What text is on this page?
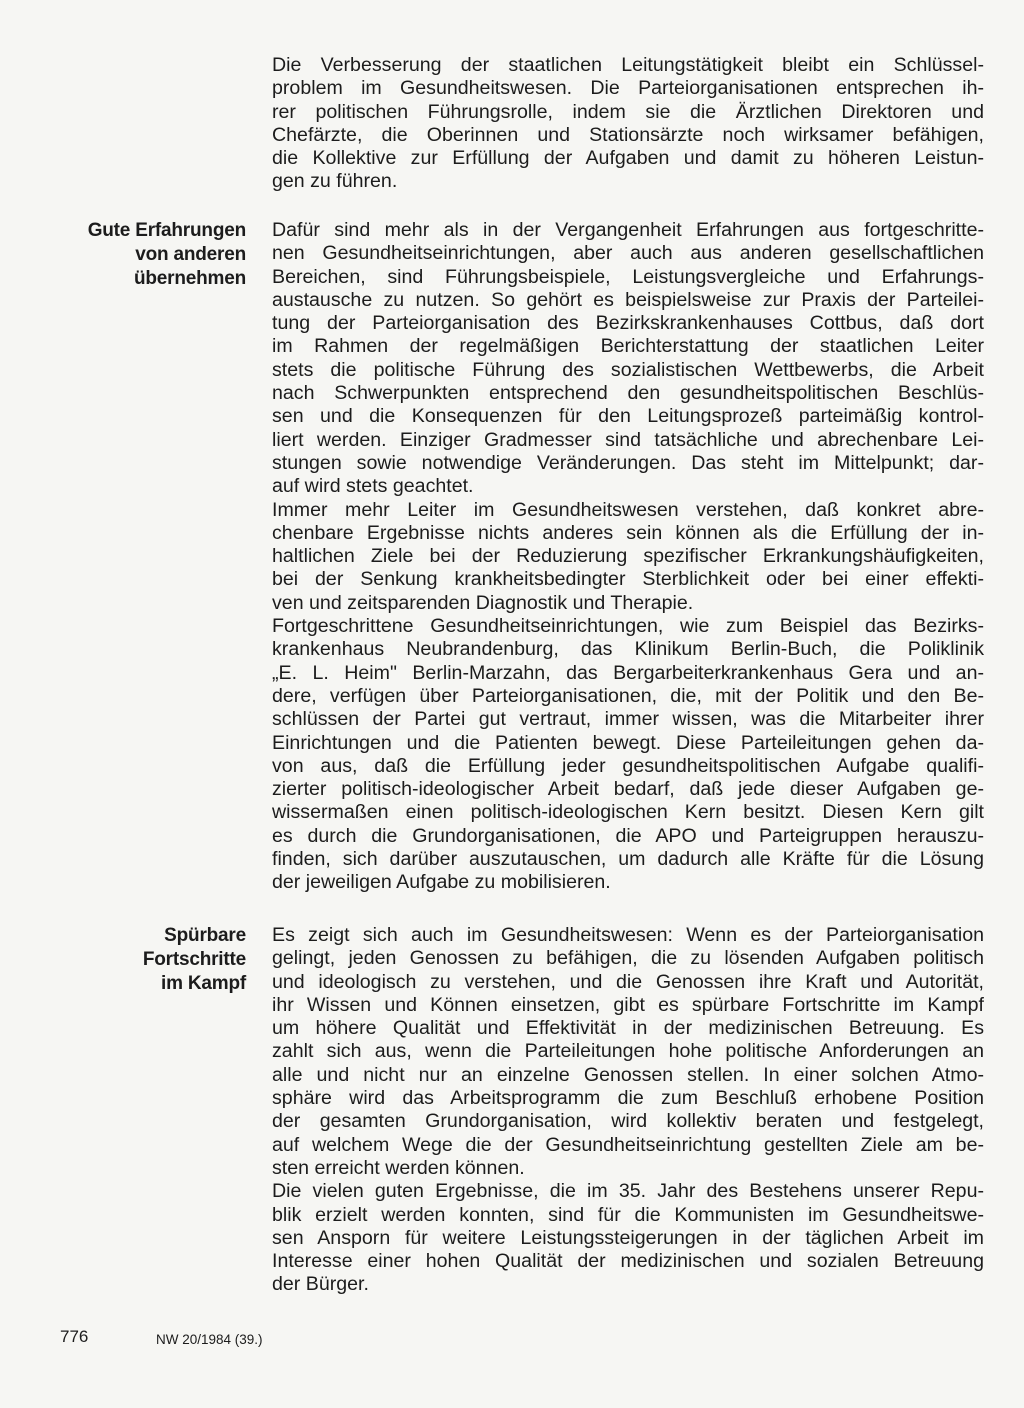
Die Verbesserung der staatlichen Leitungstätigkeit bleibt ein Schlüssel-
problem im Gesundheitswesen. Die Parteiorganisationen entsprechen ih-
rer politischen Führungsrolle, indem sie die Ärztlichen Direktoren und
Chefärzte, die Oberinnen und Stationsärzte noch wirksamer befähigen,
die Kollektive zur Erfüllung der Aufgaben und damit zu höheren Leistun-
gen zu führen.
Gute Erfahrungen
von anderen
übernehmen
Dafür sind mehr als in der Vergangenheit Erfahrungen aus fortgeschritte-
nen Gesundheitseinrichtungen, aber auch aus anderen gesellschaftlichen
Bereichen, sind Führungsbeispiele, Leistungsvergleiche und Erfahrungs-
austausche zu nutzen. So gehört es beispielsweise zur Praxis der Parteilei-
tung der Parteiorganisation des Bezirkskrankenhauses Cottbus, daß dort
im Rahmen der regelmäßigen Berichterstattung der staatlichen Leiter
stets die politische Führung des sozialistischen Wettbewerbs, die Arbeit
nach Schwerpunkten entsprechend den gesundheitspolitischen Beschlüs-
sen und die Konsequenzen für den Leitungsprozeß parteimäßig kontrol-
liert werden. Einziger Gradmesser sind tatsächliche und abrechenbare Lei-
stungen sowie notwendige Veränderungen. Das steht im Mittelpunkt; dar-
auf wird stets geachtet.
Immer mehr Leiter im Gesundheitswesen verstehen, daß konkret abre-
chenbare Ergebnisse nichts anderes sein können als die Erfüllung der in-
haltlichen Ziele bei der Reduzierung spezifischer Erkrankungshäufigkeiten,
bei der Senkung krankheitsbedingter Sterblichkeit oder bei einer effekti-
ven und zeitsparenden Diagnostik und Therapie.
Fortgeschrittene Gesundheitseinrichtungen, wie zum Beispiel das Bezirks-
krankenhaus Neubrandenburg, das Klinikum Berlin-Buch, die Poliklinik
„E. L. Heim" Berlin-Marzahn, das Bergarbeiterkrankenhaus Gera und an-
dere, verfügen über Parteiorganisationen, die, mit der Politik und den Be-
schlüssen der Partei gut vertraut, immer wissen, was die Mitarbeiter ihrer
Einrichtungen und die Patienten bewegt. Diese Parteileitungen gehen da-
von aus, daß die Erfüllung jeder gesundheitspolitischen Aufgabe qualifi-
zierter politisch-ideologischer Arbeit bedarf, daß jede dieser Aufgaben ge-
wissermaßen einen politisch-ideologischen Kern besitzt. Diesen Kern gilt
es durch die Grundorganisationen, die APO und Parteigruppen herauszu-
finden, sich darüber auszutauschen, um dadurch alle Kräfte für die Lösung
der jeweiligen Aufgabe zu mobilisieren.
Spürbare
Fortschritte
im Kampf
Es zeigt sich auch im Gesundheitswesen: Wenn es der Parteiorganisation
gelingt, jeden Genossen zu befähigen, die zu lösenden Aufgaben politisch
und ideologisch zu verstehen, und die Genossen ihre Kraft und Autorität,
ihr Wissen und Können einsetzen, gibt es spürbare Fortschritte im Kampf
um höhere Qualität und Effektivität in der medizinischen Betreuung. Es
zahlt sich aus, wenn die Parteileitungen hohe politische Anforderungen an
alle und nicht nur an einzelne Genossen stellen. In einer solchen Atmo-
sphäre wird das Arbeitsprogramm die zum Beschluß erhobene Position
der gesamten Grundorganisation, wird kollektiv beraten und festgelegt,
auf welchem Wege die der Gesundheitseinrichtung gestellten Ziele am be-
sten erreicht werden können.
Die vielen guten Ergebnisse, die im 35. Jahr des Bestehens unserer Repu-
blik erzielt werden konnten, sind für die Kommunisten im Gesundheitswe-
sen Ansporn für weitere Leistungssteigerungen in der täglichen Arbeit im
Interesse einer hohen Qualität der medizinischen und sozialen Betreuung
der Bürger.
776	NW 20/1984 (39.)
